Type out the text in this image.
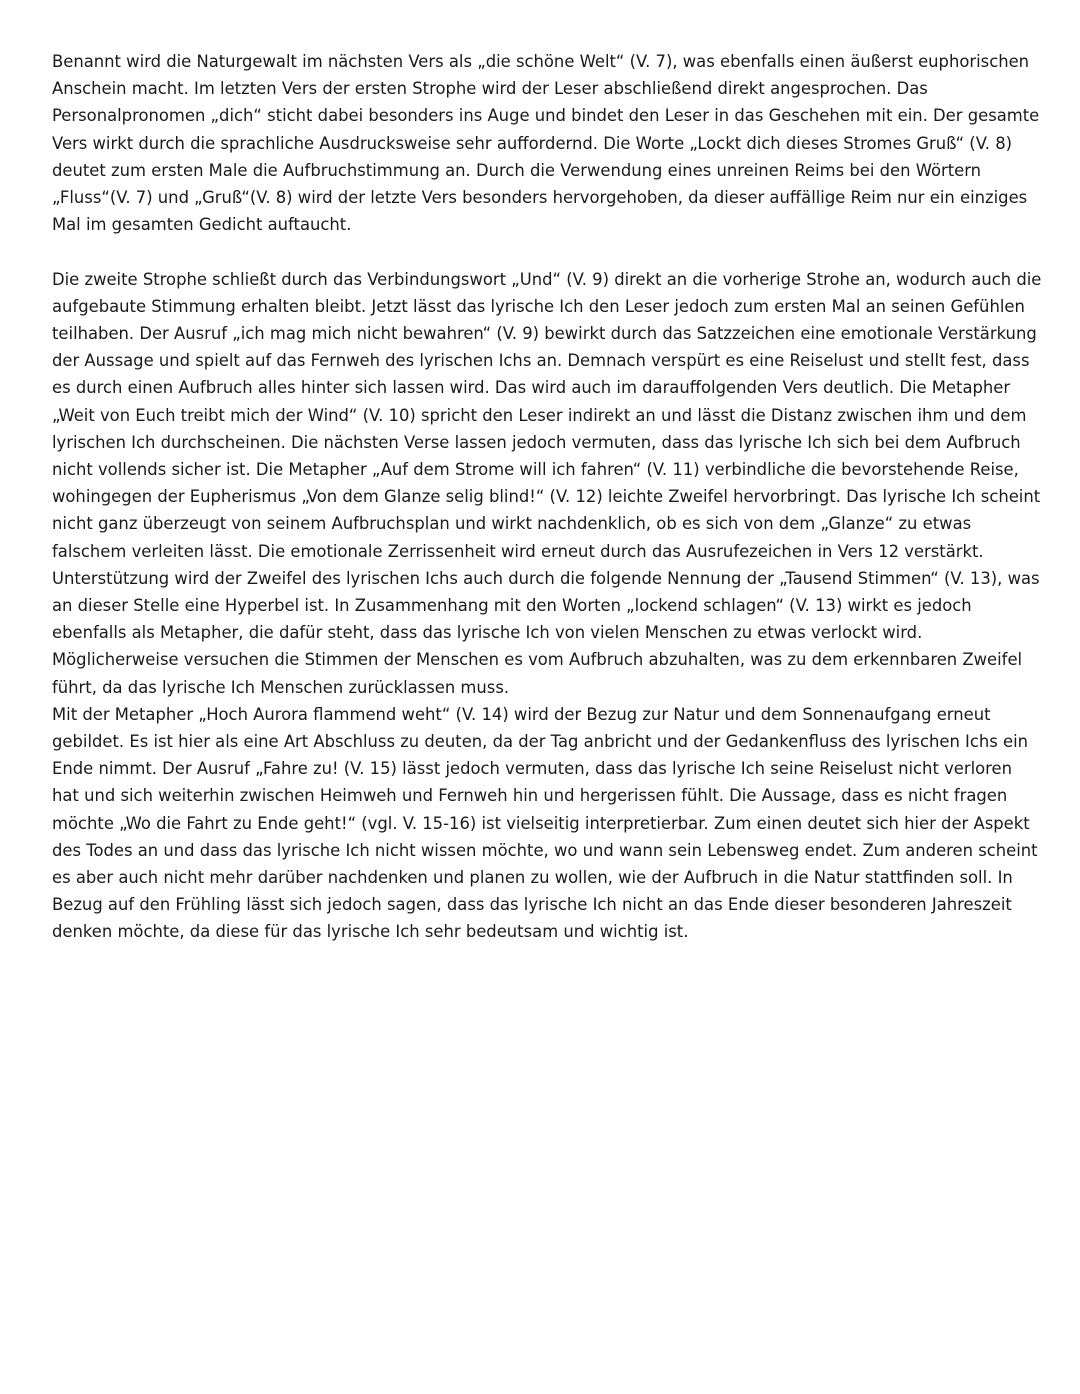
Benannt wird die Naturgewalt im nächsten Vers als „die schöne Welt“ (V. 7), was ebenfalls einen äußerst euphorischen Anschein macht. Im letzten Vers der ersten Strophe wird der Leser abschließend direkt angesprochen. Das Personalpronomen „dich“ sticht dabei besonders ins Auge und bindet den Leser in das Geschehen mit ein. Der gesamte Vers wirkt durch die sprachliche Ausdrucksweise sehr auffordernd. Die Worte „Lockt dich dieses Stromes Gruß“ (V. 8) deutet zum ersten Male die Aufbruchstimmung an. Durch die Verwendung eines unreinen Reims bei den Wörtern „Fluss“(V. 7) und „Gruß“(V. 8) wird der letzte Vers besonders hervorgehoben, da dieser auffällige Reim nur ein einziges Mal im gesamten Gedicht auftaucht.

Die zweite Strophe schließt durch das Verbindungswort „Und“ (V. 9) direkt an die vorherige Strohe an, wodurch auch die aufgebaute Stimmung erhalten bleibt. Jetzt lässt das lyrische Ich den Leser jedoch zum ersten Mal an seinen Gefühlen teilhaben. Der Ausruf „ich mag mich nicht bewahren“ (V. 9) bewirkt durch das Satzzeichen eine emotionale Verstärkung der Aussage und spielt auf das Fernweh des lyrischen Ichs an. Demnach verspürt es eine Reiselust und stellt fest, dass es durch einen Aufbruch alles hinter sich lassen wird. Das wird auch im darauffolgenden Vers deutlich. Die Metapher „Weit von Euch treibt mich der Wind“ (V. 10) spricht den Leser indirekt an und lässt die Distanz zwischen ihm und dem lyrischen Ich durchscheinen. Die nächsten Verse lassen jedoch vermuten, dass das lyrische Ich sich bei dem Aufbruch nicht vollends sicher ist. Die Metapher „Auf dem Strome will ich fahren“ (V. 11) verbindliche die bevorstehende Reise, wohingegen der Eupherismus „Von dem Glanze selig blind!“ (V. 12) leichte Zweifel hervorbringt. Das lyrische Ich scheint nicht ganz überzeugt von seinem Aufbruchsplan und wirkt nachdenklich, ob es sich von dem „Glanze“ zu etwas falschem verleiten lässt. Die emotionale Zerrissenheit wird erneut durch das Ausrufezeichen in Vers 12 verstärkt. Unterstützung wird der Zweifel des lyrischen Ichs auch durch die folgende Nennung der „Tausend Stimmen“ (V. 13), was an dieser Stelle eine Hyperbel ist. In Zusammenhang mit den Worten „lockend schlagen“ (V. 13) wirkt es jedoch ebenfalls als Metapher, die dafür steht, dass das lyrische Ich von vielen Menschen zu etwas verlockt wird. Möglicherweise versuchen die Stimmen der Menschen es vom Aufbruch abzuhalten, was zu dem erkennbaren Zweifel führt, da das lyrische Ich Menschen zurücklassen muss.

Mit der Metapher „Hoch Aurora flammend weht“ (V. 14) wird der Bezug zur Natur und dem Sonnenaufgang erneut gebildet. Es ist hier als eine Art Abschluss zu deuten, da der Tag anbricht und der Gedankenfluss des lyrischen Ichs ein Ende nimmt. Der Ausruf „Fahre zu! (V. 15) lässt jedoch vermuten, dass das lyrische Ich seine Reiselust nicht verloren hat und sich weiterhin zwischen Heimweh und Fernweh hin und hergerissen fühlt. Die Aussage, dass es nicht fragen möchte „Wo die Fahrt zu Ende geht!“ (vgl. V. 15-16) ist vielseitig interpretierbar. Zum einen deutet sich hier der Aspekt des Todes an und dass das lyrische Ich nicht wissen möchte, wo und wann sein Lebensweg endet. Zum anderen scheint es aber auch nicht mehr darüber nachdenken und planen zu wollen, wie der Aufbruch in die Natur stattfinden soll. In Bezug auf den Frühling lässt sich jedoch sagen, dass das lyrische Ich nicht an das Ende dieser besonderen Jahreszeit denken möchte, da diese für das lyrische Ich sehr bedeutsam und wichtig ist.
